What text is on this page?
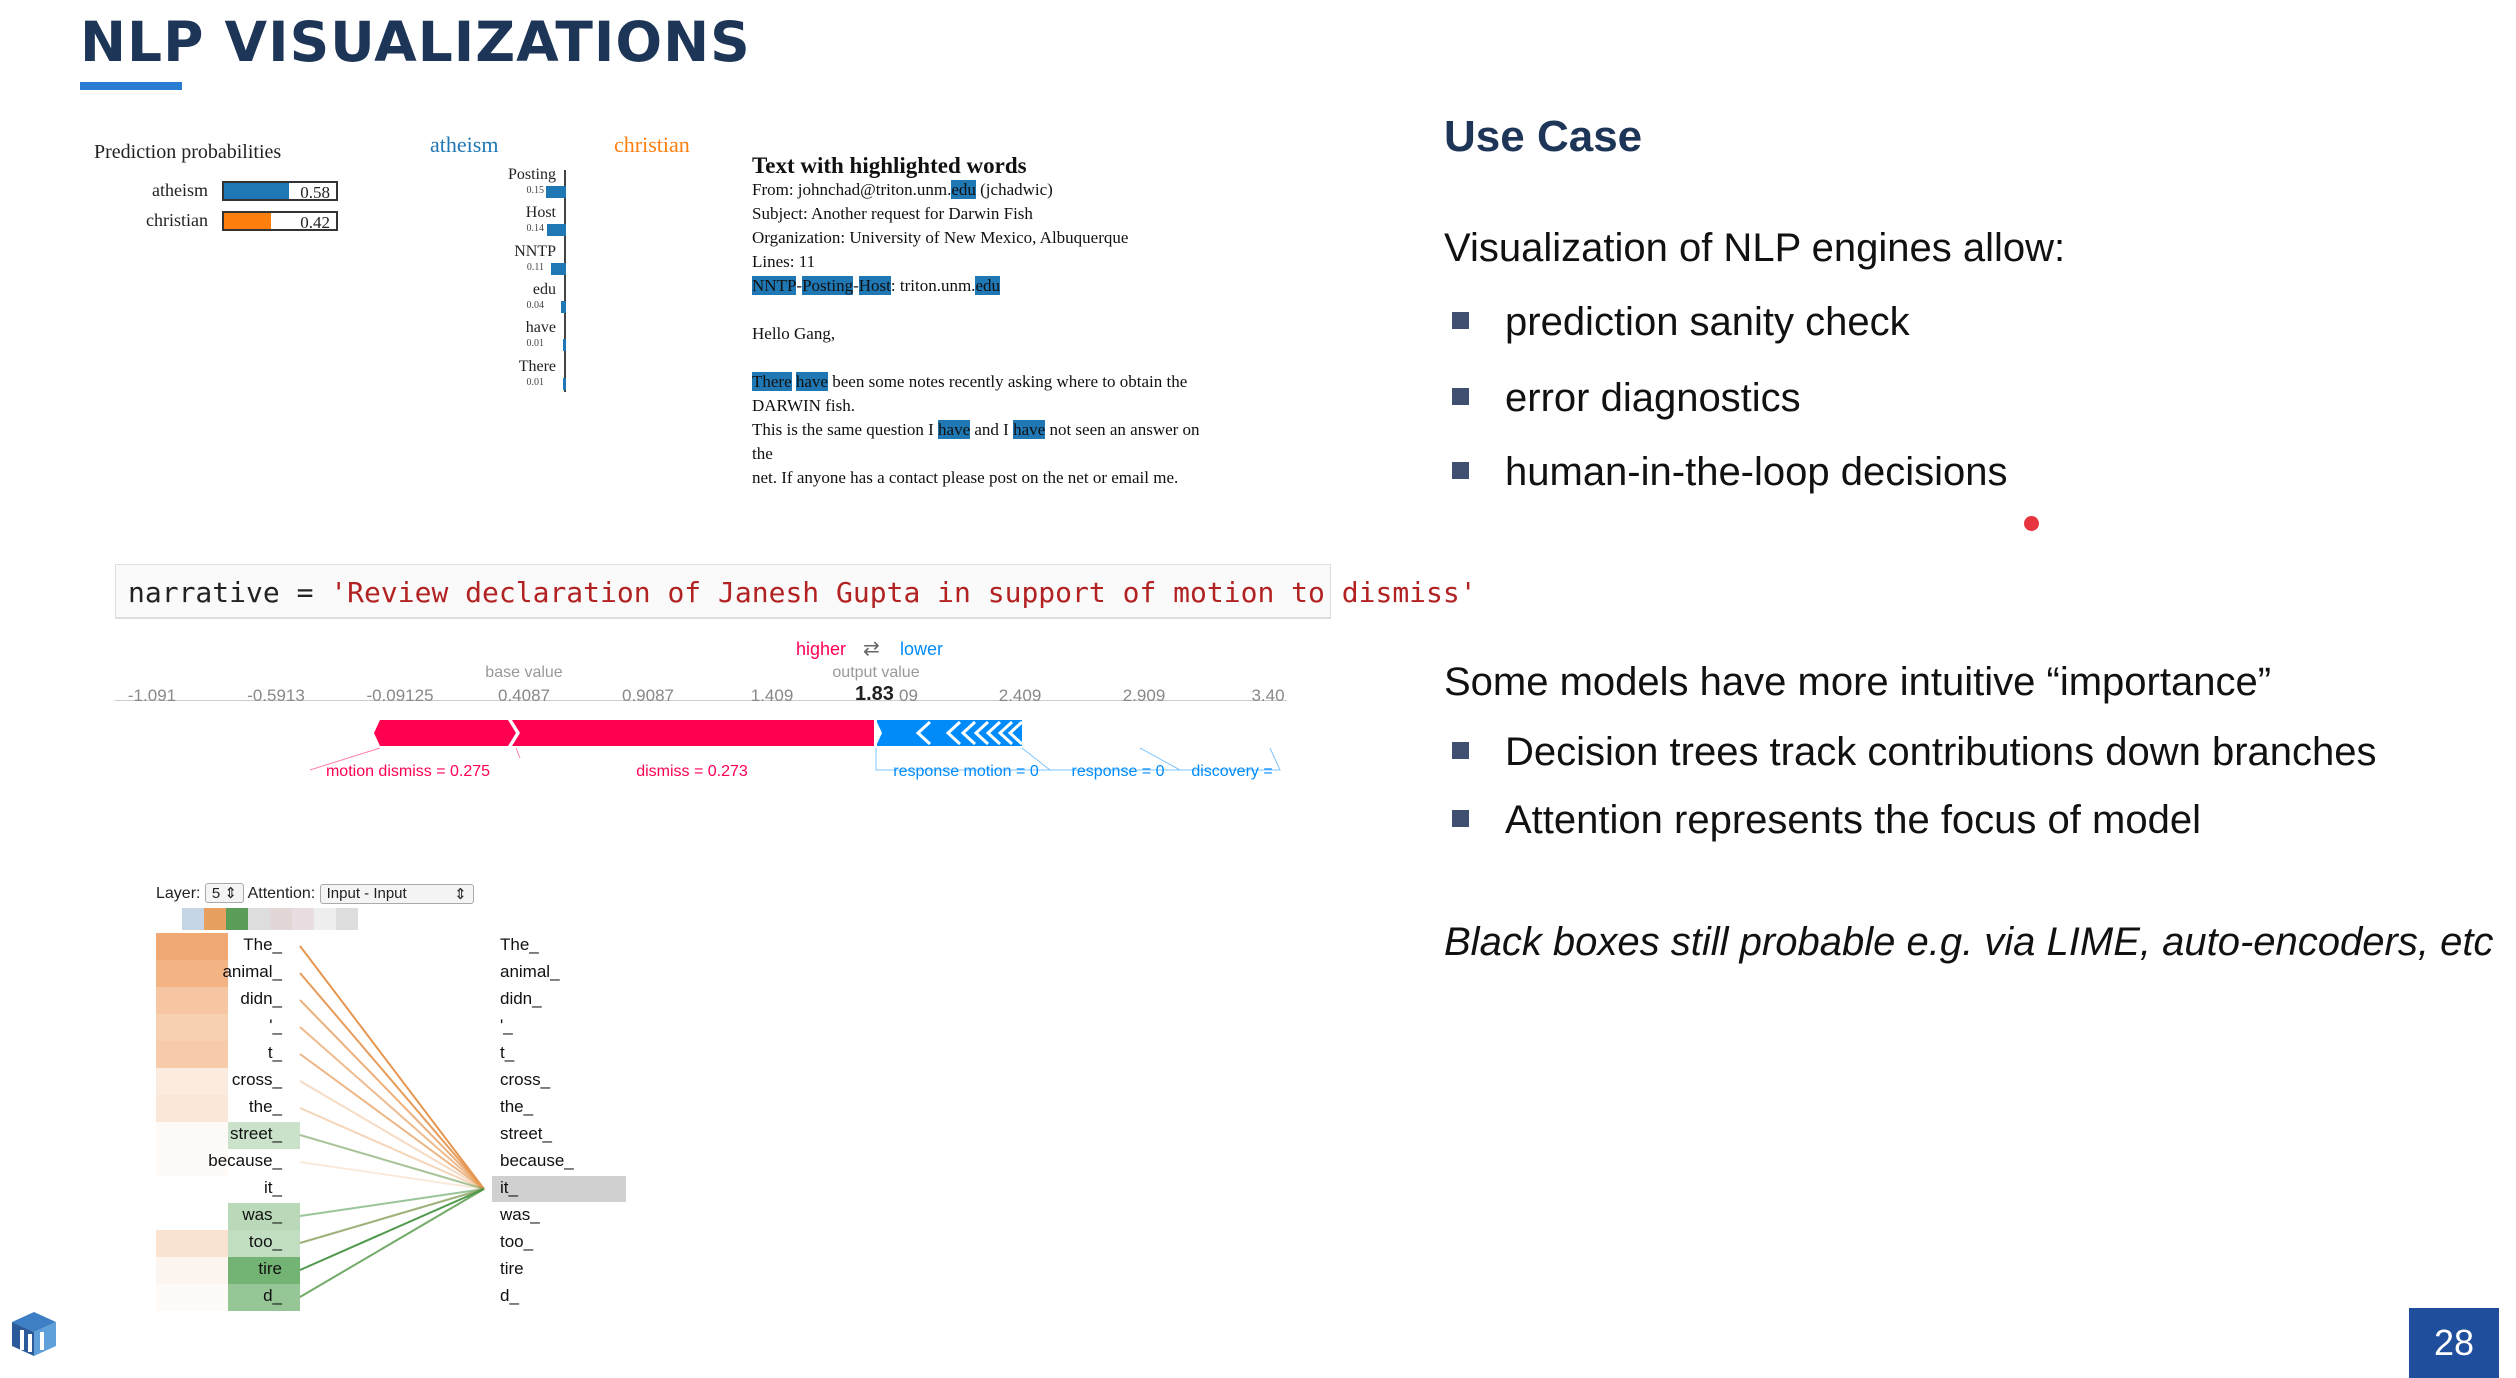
NLP VISUALIZATIONS
Prediction probabilities
atheism	0.58
christian	0.42
atheism	christian
Posting
0.15
Host
0.14
NNTP
0.11
edu
0.04
have
0.01
There
0.01
Text with highlighted words
From: johnchad@triton.unm.edu (jchadwic)
Subject: Another request for Darwin Fish
Organization: University of New Mexico, Albuquerque
Lines: 11
NNTP-Posting-Host: triton.unm.edu
Hello Gang,
There have been some notes recently asking where to obtain the
DARWIN fish.
This is the same question I have and I have not seen an answer on
the
net. If anyone has a contact please post on the net or email me.
Use Case
Visualization of NLP engines allow:
prediction sanity check
error diagnostics
human-in-the-loop decisions
Some models have more intuitive “importance”
Decision trees track contributions down branches
Attention represents the focus of model
Black boxes still probable e.g. via LIME, auto-encoders, etc
narrative = 'Review declaration of Janesh Gupta in support of motion to dismiss'
higher ⇄ lower
base value	output value
-1.091	-0.5913	-0.09125	0.4087	0.9087	1.409	1.83 09	2.409	2.909	3.40
motion dismiss = 0.275	dismiss = 0.273	response motion = 0 response = 0 discovery =
Layer: 5 ⇕ Attention: Input - Input	⇕
The_
animal_
didn_
'_
t_
cross_
the_
street_
because_
it_
was_
too_
tire
d_
The_
animal_
didn_
'_
t_
cross_
the_
street_
because_
it_
was_
too_
tire
d_
28
